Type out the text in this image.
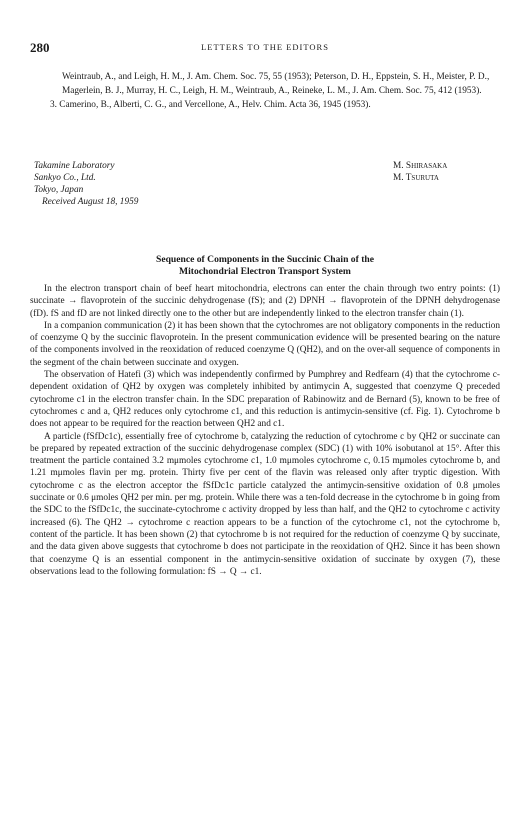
280	LETTERS TO THE EDITORS

Weintraub, A., and Leigh, H. M., J. Am. Chem. Soc. 75, 55 (1953); Peterson, D. H., Eppstein, S. H., Meister, P. D., Magerlein, B. J., Murray, H. C., Leigh, H. M., Weintraub, A., Reineke, L. M., J. Am. Chem. Soc. 75, 412 (1953).

3. Camerino, B., Alberti, C. G., and Vercellone, A., Helv. Chim. Acta 36, 1945 (1953).

Takamine Laboratory
Sankyo Co., Ltd.
Tokyo, Japan
Received August 18, 1959
M. Shirasaka
M. Tsuruta
Sequence of Components in the Succinic Chain of the
Mitochondrial Electron Transport System

In the electron transport chain of beef heart mitochondria, electrons can enter the chain through two entry points: (1) succinate → flavoprotein of the succinic dehydrogenase (fS); and (2) DPNH → flavoprotein of the DPNH dehydrogenase (fD). fS and fD are not linked directly one to the other but are independently linked to the electron transfer chain (1).

In a companion communication (2) it has been shown that the cytochromes are not obligatory components in the reduction of coenzyme Q by the succinic flavoprotein. In the present communication evidence will be presented bearing on the nature of the components involved in the reoxidation of reduced coenzyme Q (QH2), and on the over-all sequence of components in the segment of the chain between succinate and oxygen.

The observation of Hatefi (3) which was independently confirmed by Pumphrey and Redfearn (4) that the cytochrome c-dependent oxidation of QH2 by oxygen was completely inhibited by antimycin A, suggested that coenzyme Q preceded cytochrome c1 in the electron transfer chain. In the SDC preparation of Rabinowitz and de Bernard (5), known to be free of cytochromes c and a, QH2 reduces only cytochrome c1, and this reduction is antimycin-sensitive (cf. Fig. 1). Cytochrome b does not appear to be required for the reaction between QH2 and c1.

A particle (fSfDc1c), essentially free of cytochrome b, catalyzing the reduction of cytochrome c by QH2 or succinate can be prepared by repeated extraction of the succinic dehydrogenase complex (SDC) (1) with 10% isobutanol at 15°. After this treatment the particle contained 3.2 mμmoles cytochrome c1, 1.0 mμmoles cytochrome c, 0.15 mμmoles cytochrome b, and 1.21 mμmoles flavin per mg. protein. Thirty five per cent of the flavin was released only after tryptic digestion. With cytochrome c as the electron acceptor the fSfDc1c particle catalyzed the antimycin-sensitive oxidation of 0.8 μmoles succinate or 0.6 μmoles QH2 per min. per mg. protein. While there was a ten-fold decrease in the cytochrome b in going from the SDC to the fSfDc1c, the succinate-cytochrome c activity dropped by less than half, and the QH2 to cytochrome c activity increased (6). The QH2 → cytochrome c reaction appears to be a function of the cytochrome c1, not the cytochrome b, content of the particle. It has been shown (2) that cytochrome b is not required for the reduction of coenzyme Q by succinate, and the data given above suggests that cytochrome b does not participate in the reoxidation of QH2. Since it has been shown that coenzyme Q is an essential component in the antimycin-sensitive oxidation of succinate by oxygen (7), these observations lead to the following formulation: fS → Q → c1.
